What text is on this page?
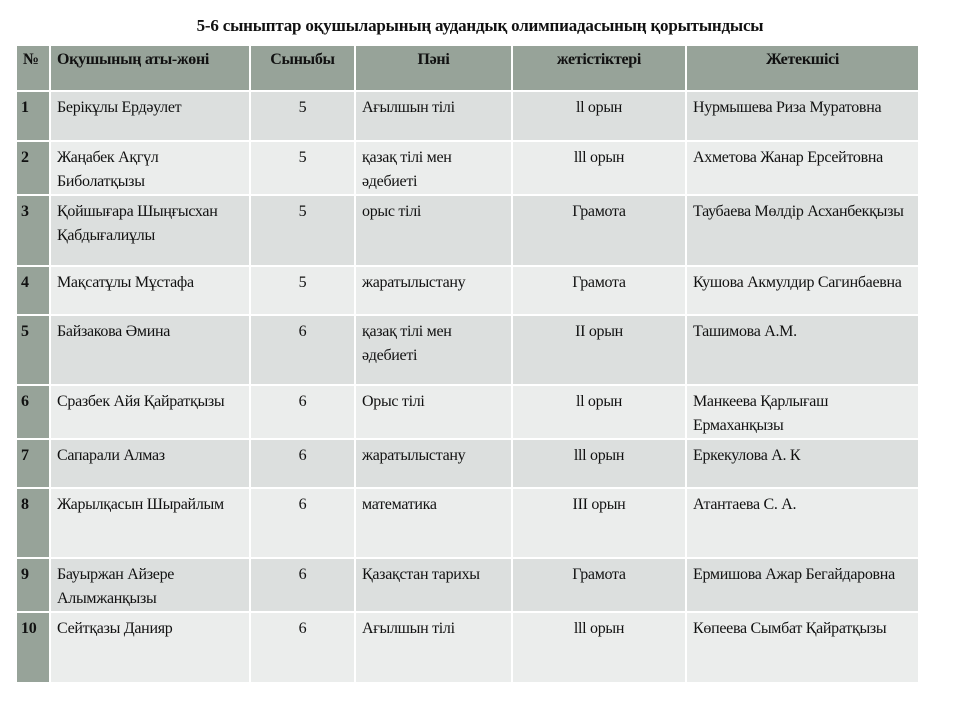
5-6 сыныптар оқушыларының аудандық олимпиадасының қорытындысы
№	Оқушының аты-жөні	Сыныбы	Пәні	жетістіктері	Жетекшісі
1	Берікұлы Ердәулет	5	Ағылшын тілі	ll орын	Нурмышева Риза Муратовна
2	Жаңабек Ақгүл Биболатқызы	5	қазақ тілі мен әдебиеті	lll орын	Ахметова Жанар Ерсейтовна
3	Қойшығара Шыңғысхан Қабдығалиұлы	5	орыс тілі	Грамота	Таубаева Мөлдір Асханбекқызы
4	Мақсатұлы Мұстафа	5	жаратылыстану	Грамота	Кушова Акмулдир Сагинбаевна
5	Байзакова Әмина	6	қазақ тілі мен әдебиеті	II орын	Ташимова А.М.
6	Сразбек Айя Қайратқызы	6	Орыс тілі	ll орын	Манкеева Қарлығаш Ермаханқызы
7	Сапарали Алмаз	6	жаратылыстану	lll орын	Еркекулова А. К
8	Жарылқасын Шырайлым	6	математика	III орын	Атантаева С. А.
9	Бауыржан Айзере Алымжанқызы	6	Қазақстан тарихы	Грамота	Ермишова Ажар Бегайдаровна
10	Сейтқазы Данияр	6	Ағылшын тілі	lll орын	Көпеева Сымбат Қайратқызы
